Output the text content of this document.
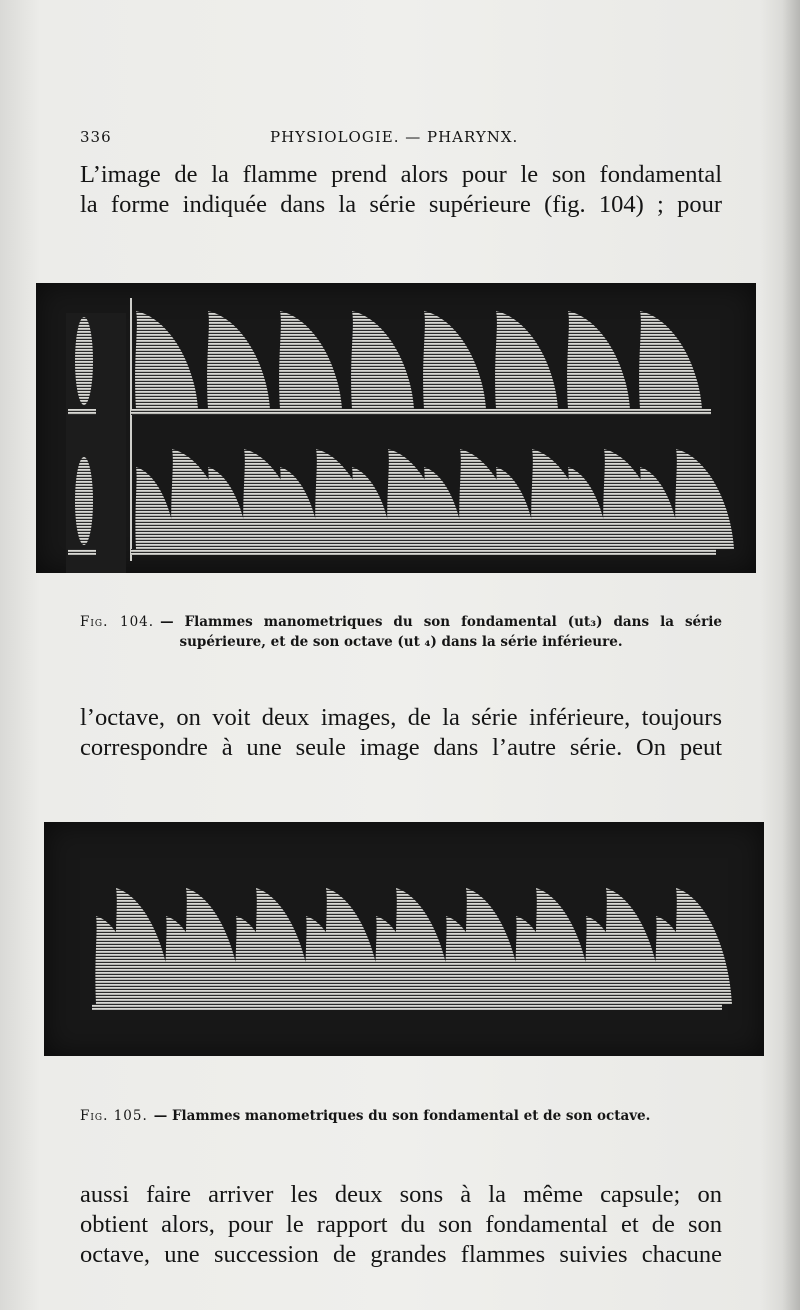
336	PHYSIOLOGIE. — PHARYNX.

L’image de la flamme prend alors pour le son fondamental
la forme indiquée dans la série supérieure (fig. 104) ; pour

Fig. 104. — Flammes manometriques du son fondamental (ut₃) dans la série
supérieure, et de son octave (ut ₄) dans la série inférieure.

l’octave, on voit deux images, de la série inférieure, toujours
correspondre à une seule image dans l’autre série. On peut

Fig. 105. — Flammes manometriques du son fondamental et de son octave.

aussi faire arriver les deux sons à la même capsule; on
obtient alors, pour le rapport du son fondamental et de son
octave, une succession de grandes flammes suivies chacune
